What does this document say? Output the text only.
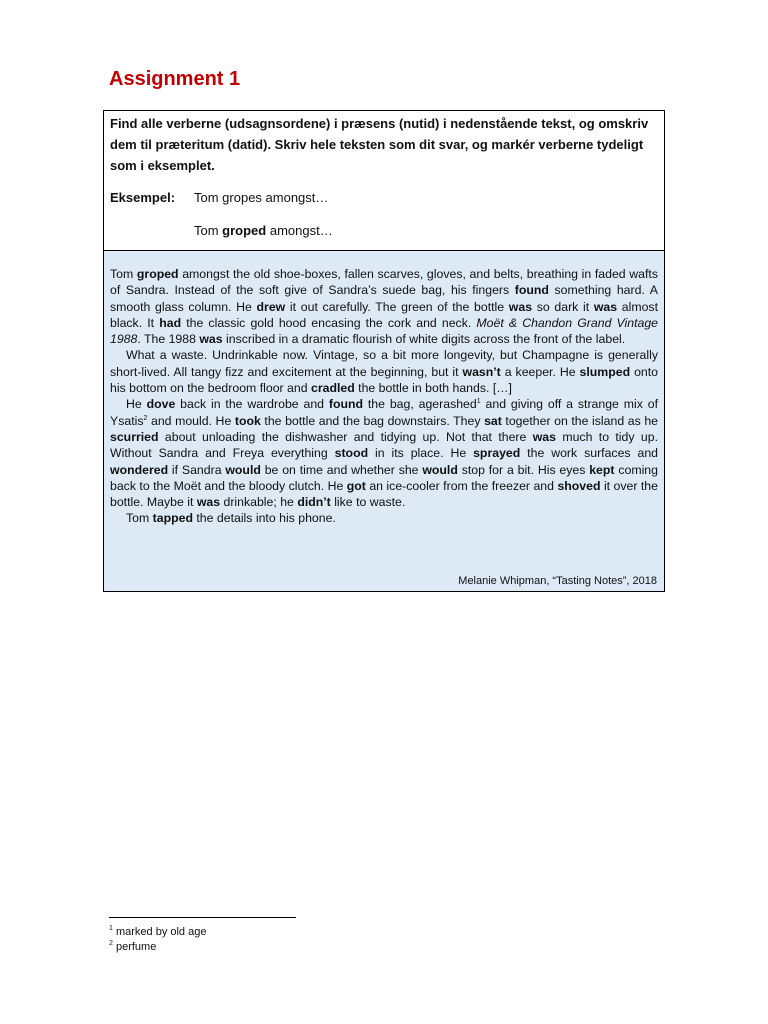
Assignment 1

Find alle verberne (udsagnsordene) i præsens (nutid) i nedenstående tekst, og omskriv dem til præteritum (datid). Skriv hele teksten som dit svar, og markér verberne tydeligt som i eksemplet.

Eksempel:	Tom gropes amongst…
Tom groped amongst…

Tom groped amongst the old shoe-boxes, fallen scarves, gloves, and belts, breathing in faded wafts of Sandra. Instead of the soft give of Sandra’s suede bag, his fingers found something hard. A smooth glass column. He drew it out carefully. The green of the bottle was so dark it was almost black. It had the classic gold hood encasing the cork and neck. Moët & Chandon Grand Vintage 1988. The 1988 was inscribed in a dramatic flourish of white digits across the front of the label.

What a waste. Undrinkable now. Vintage, so a bit more longevity, but Champagne is generally short-lived. All tangy fizz and excitement at the beginning, but it wasn’t a keeper. He slumped onto his bottom on the bedroom floor and cradled the bottle in both hands. […]

He dove back in the wardrobe and found the bag, agerashed$^1$ and giving off a strange mix of Ysatis$^2$ and mould. He took the bottle and the bag downstairs. They sat together on the island as he scurried about unloading the dishwasher and tidying up. Not that there was much to tidy up. Without Sandra and Freya everything stood in its place. He sprayed the work surfaces and wondered if Sandra would be on time and whether she would stop for a bit. His eyes kept coming back to the Moët and the bloody clutch. He got an ice-cooler from the freezer and shoved it over the bottle. Maybe it was drinkable; he didn’t like to waste.

Tom tapped the details into his phone.

Melanie Whipman, “Tasting Notes”, 2018
$^1$ marked by old age
$^2$ perfume
